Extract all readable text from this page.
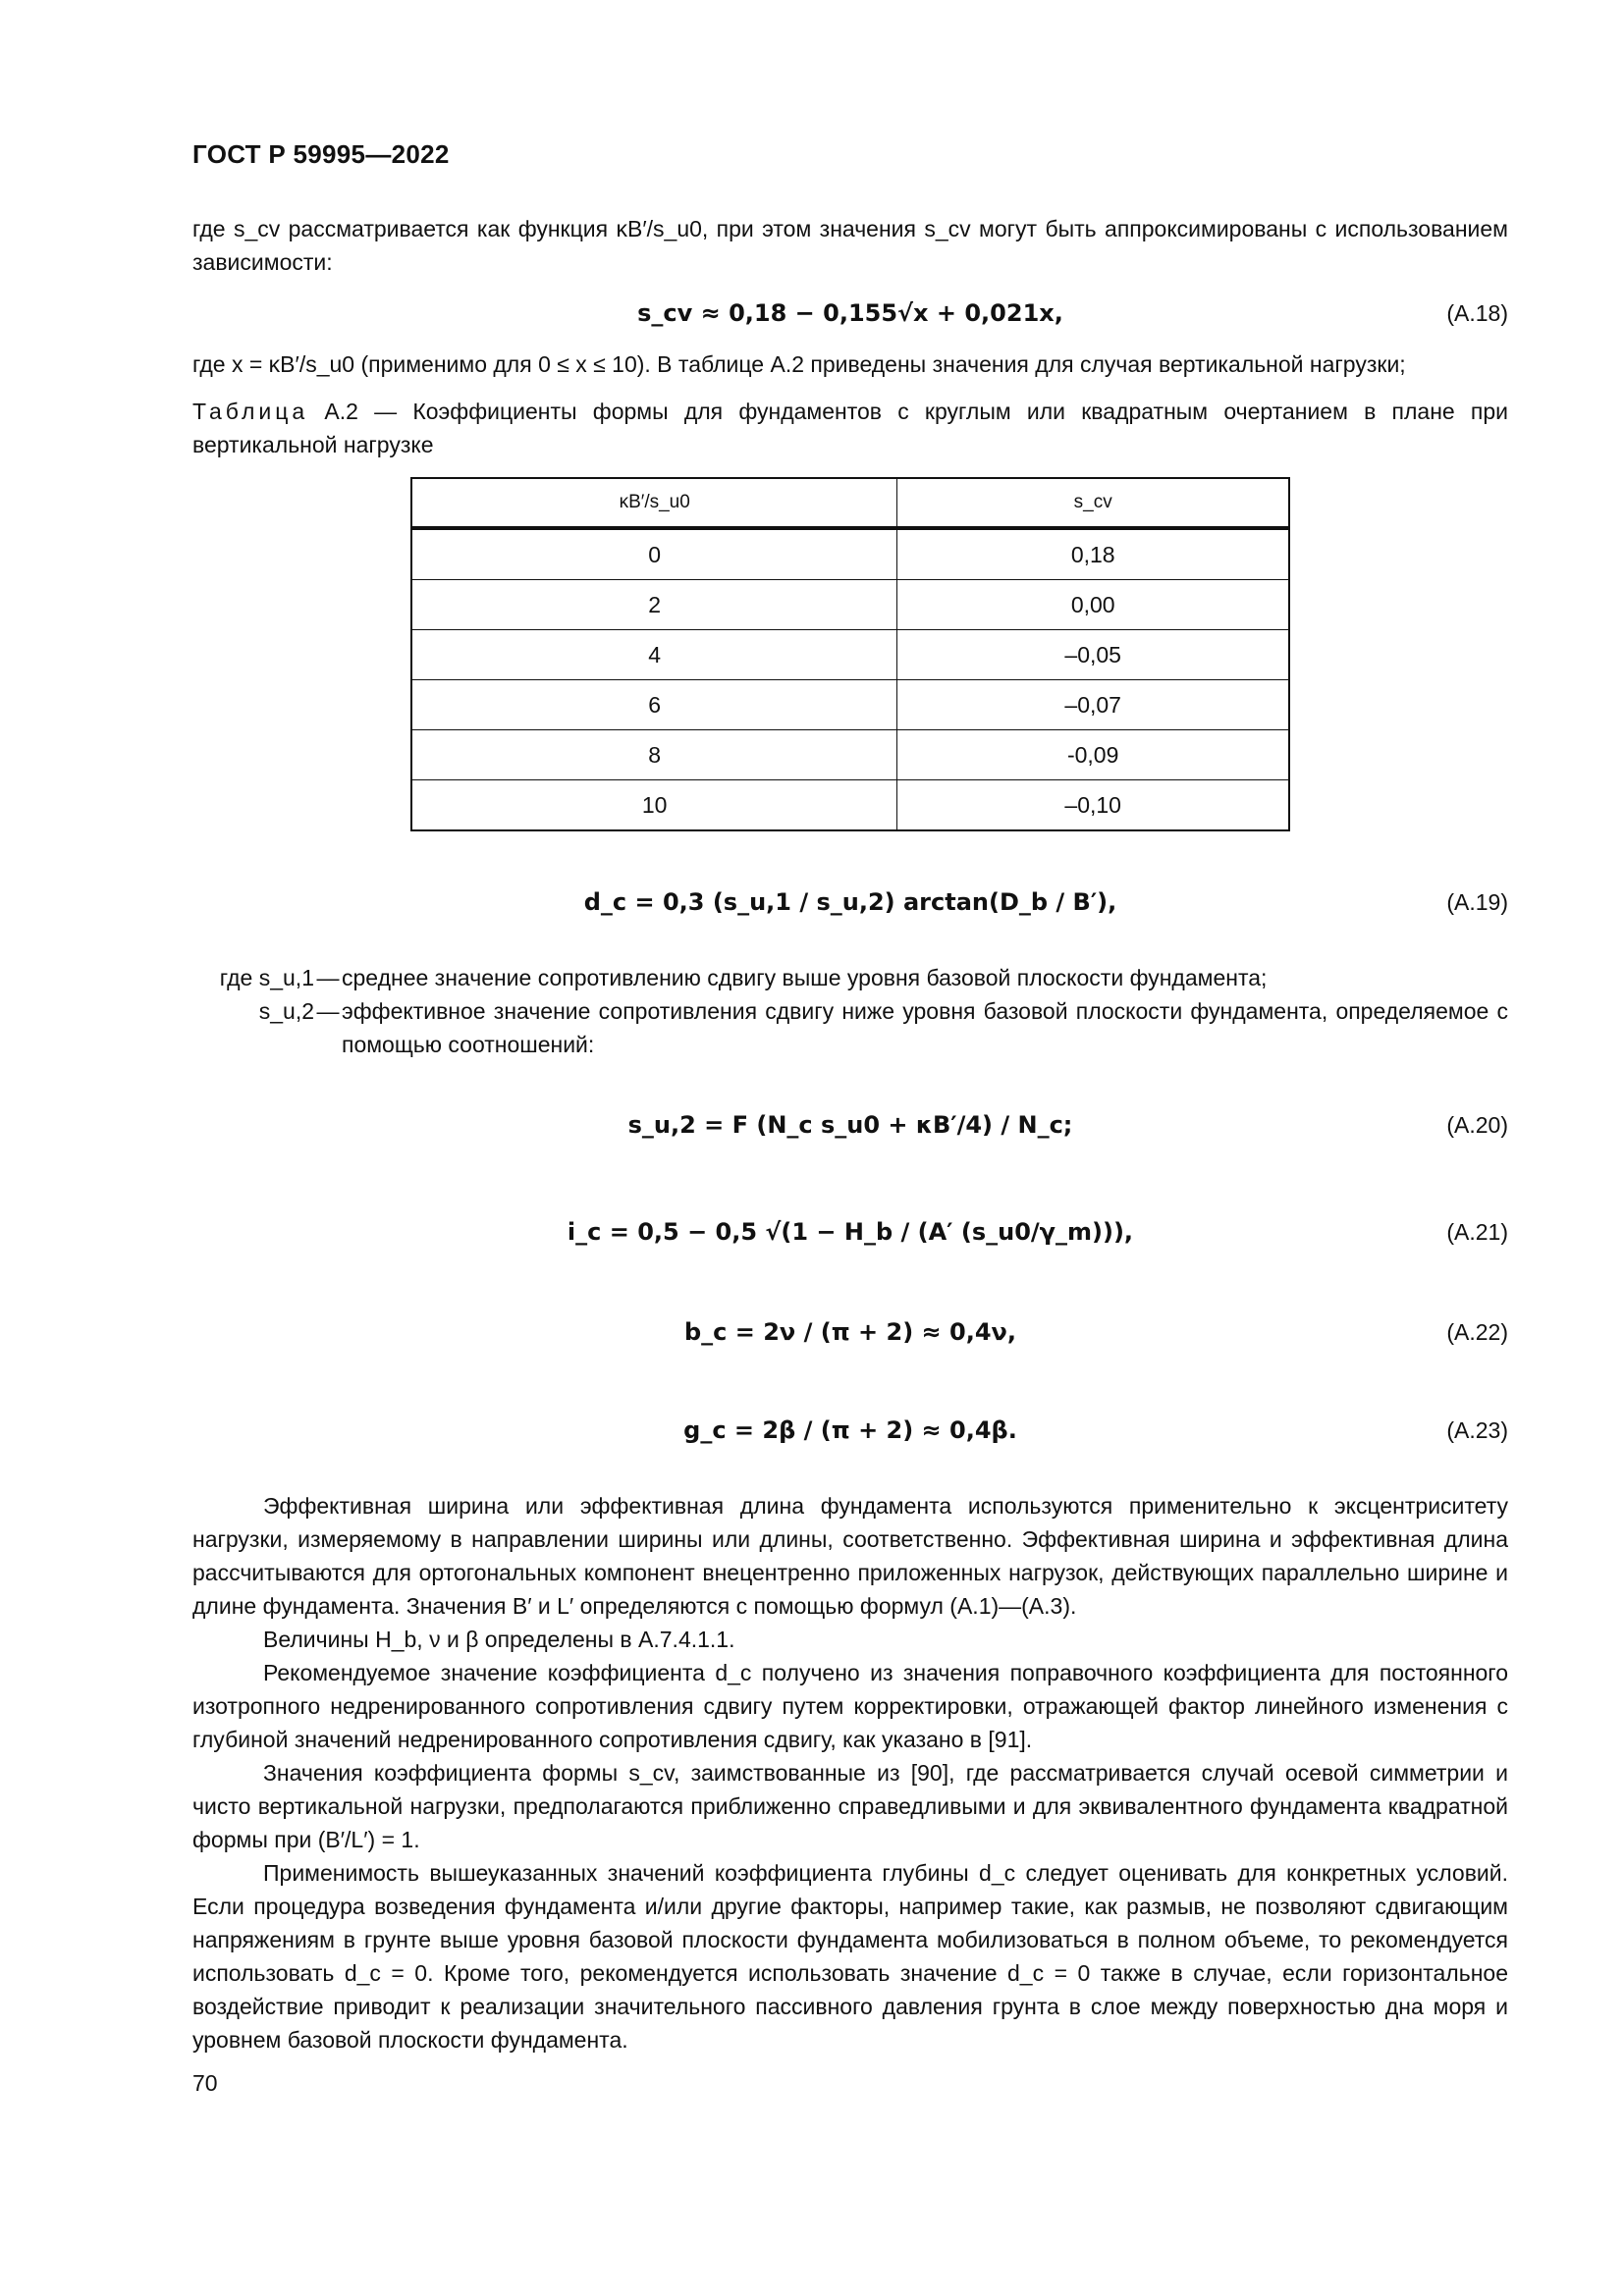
ГОСТ Р 59995—2022

где s_cv рассматривается как функция κB′/s_u0, при этом значения s_cv могут быть аппроксимированы с использованием зависимости:

s_cv ≈ 0,18 − 0,155√x + 0,021x,	(А.18)

где x = κB′/s_u0 (применимо для 0 ≤ x ≤ 10). В таблице А.2 приведены значения для случая вертикальной нагрузки;

Таблица А.2 — Коэффициенты формы для фундаментов с круглым или квадратным очертанием в плане при вертикальной нагрузке

κB′/s_u0	s_cv
0	0,18
2	0,00
4	–0,05
6	–0,07
8	-0,09
10	–0,10
d_c = 0,3 (s_u,1 / s_u,2) arctan(D_b / B′),	(А.19)
где s_u,1 — среднее значение сопротивлению сдвигу выше уровня базовой плоскости фундамента;
s_u,2 — эффективное значение сопротивления сдвигу ниже уровня базовой плоскости фундамента, определяемое с помощью соотношений:
s_u,2 = F (N_c s_u0 + κB′/4) / N_c;	(А.20)
i_c = 0,5 − 0,5 √(1 − H_b / (A′ (s_u0/γ_m))),	(А.21)
b_c = 2ν / (π + 2) ≈ 0,4ν,	(А.22)
g_c = 2β / (π + 2) ≈ 0,4β.	(А.23)

Эффективная ширина или эффективная длина фундамента используются применительно к эксцентриситету нагрузки, измеряемому в направлении ширины или длины, соответственно. Эффективная ширина и эффективная длина рассчитываются для ортогональных компонент внецентренно приложенных нагрузок, действующих параллельно ширине и длине фундамента. Значения B′ и L′ определяются с помощью формул (А.1)—(А.3).

Величины H_b, ν и β определены в А.7.4.1.1.

Рекомендуемое значение коэффициента d_c получено из значения поправочного коэффициента для постоянного изотропного недренированного сопротивления сдвигу путем корректировки, отражающей фактор линейного изменения с глубиной значений недренированного сопротивления сдвигу, как указано в [91].

Значения коэффициента формы s_cv, заимствованные из [90], где рассматривается случай осевой симметрии и чисто вертикальной нагрузки, предполагаются приближенно справедливыми и для эквивалентного фундамента квадратной формы при (B′/L′) = 1.

Применимость вышеуказанных значений коэффициента глубины d_c следует оценивать для конкретных условий. Если процедура возведения фундамента и/или другие факторы, например такие, как размыв, не позволяют сдвигающим напряжениям в грунте выше уровня базовой плоскости фундамента мобилизоваться в полном объеме, то рекомендуется использовать d_c = 0. Кроме того, рекомендуется использовать значение d_c = 0 также в случае, если горизонтальное воздействие приводит к реализации значительного пассивного давления грунта в слое между поверхностью дна моря и уровнем базовой плоскости фундамента.

70
